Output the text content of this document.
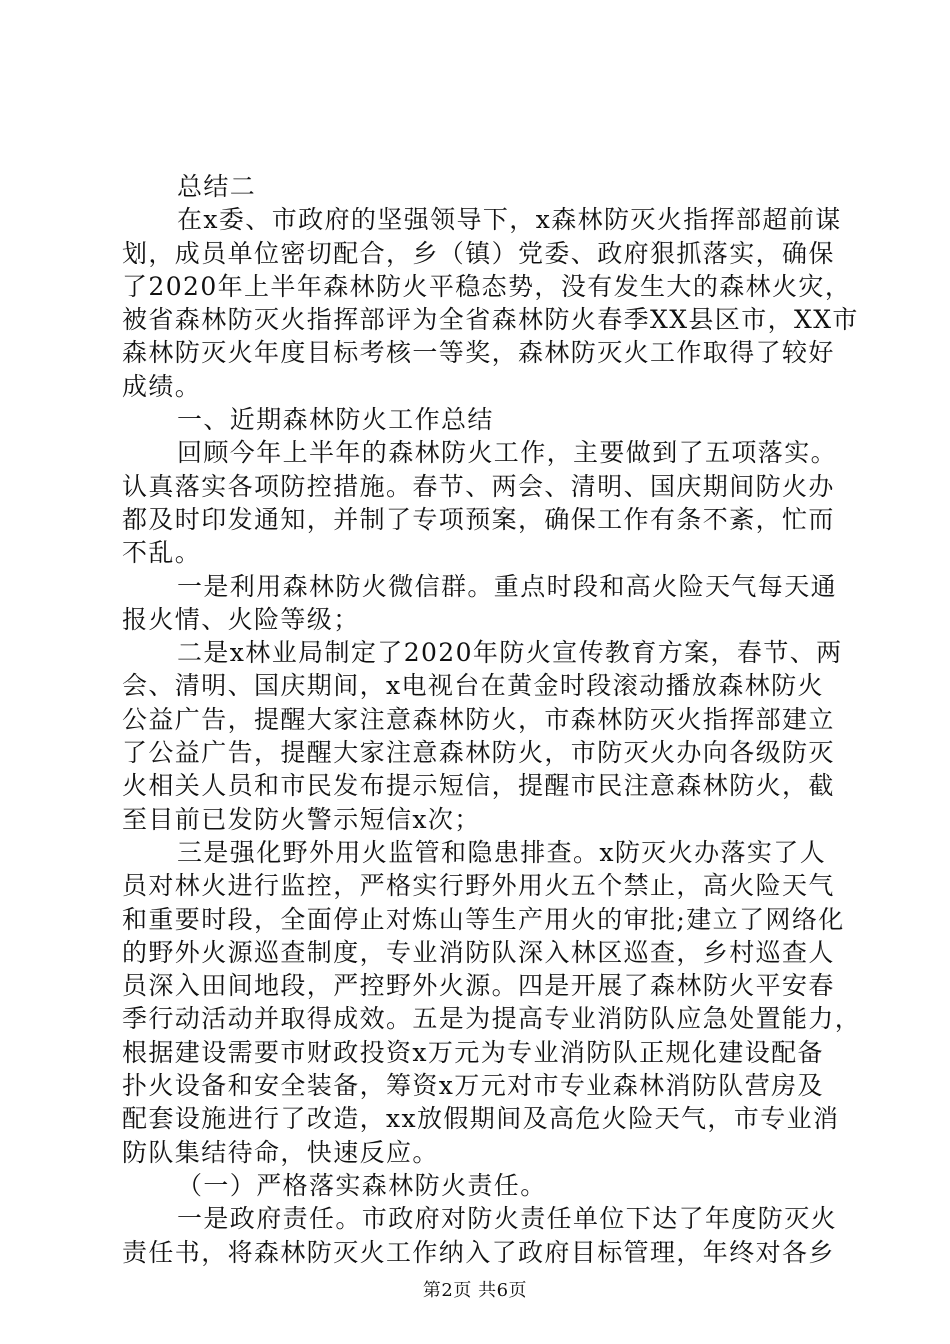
总结二
在x委、市政府的坚强领导下，x森林防灭火指挥部超前谋
划，成员单位密切配合，乡（镇）党委、政府狠抓落实，确保
了2020年上半年森林防火平稳态势，没有发生大的森林火灾，
被省森林防灭火指挥部评为全省森林防火春季XX县区市，XX市
森林防灭火年度目标考核一等奖，森林防灭火工作取得了较好
成绩。
一、近期森林防火工作总结
回顾今年上半年的森林防火工作，主要做到了五项落实。
认真落实各项防控措施。春节、两会、清明、国庆期间防火办
都及时印发通知，并制了专项预案，确保工作有条不紊，忙而
不乱。
一是利用森林防火微信群。重点时段和高火险天气每天通
报火情、火险等级；
二是x林业局制定了2020年防火宣传教育方案，春节、两
会、清明、国庆期间，x电视台在黄金时段滚动播放森林防火
公益广告，提醒大家注意森林防火，市森林防灭火指挥部建立
了公益广告，提醒大家注意森林防火，市防灭火办向各级防灭
火相关人员和市民发布提示短信，提醒市民注意森林防火，截
至目前已发防火警示短信x次；
三是强化野外用火监管和隐患排查。x防灭火办落实了人
员对林火进行监控，严格实行野外用火五个禁止，高火险天气
和重要时段，全面停止对炼山等生产用火的审批;建立了网络化
的野外火源巡查制度，专业消防队深入林区巡查，乡村巡查人
员深入田间地段，严控野外火源。四是开展了森林防火平安春
季行动活动并取得成效。五是为提高专业消防队应急处置能力，
根据建设需要市财政投资x万元为专业消防队正规化建设配备
扑火设备和安全装备，筹资x万元对市专业森林消防队营房及
配套设施进行了改造，xx放假期间及高危火险天气，市专业消
防队集结待命，快速反应。
（一）严格落实森林防火责任。
一是政府责任。市政府对防火责任单位下达了年度防灭火
责任书，将森林防灭火工作纳入了政府目标管理，年终对各乡
第2页 共6页
